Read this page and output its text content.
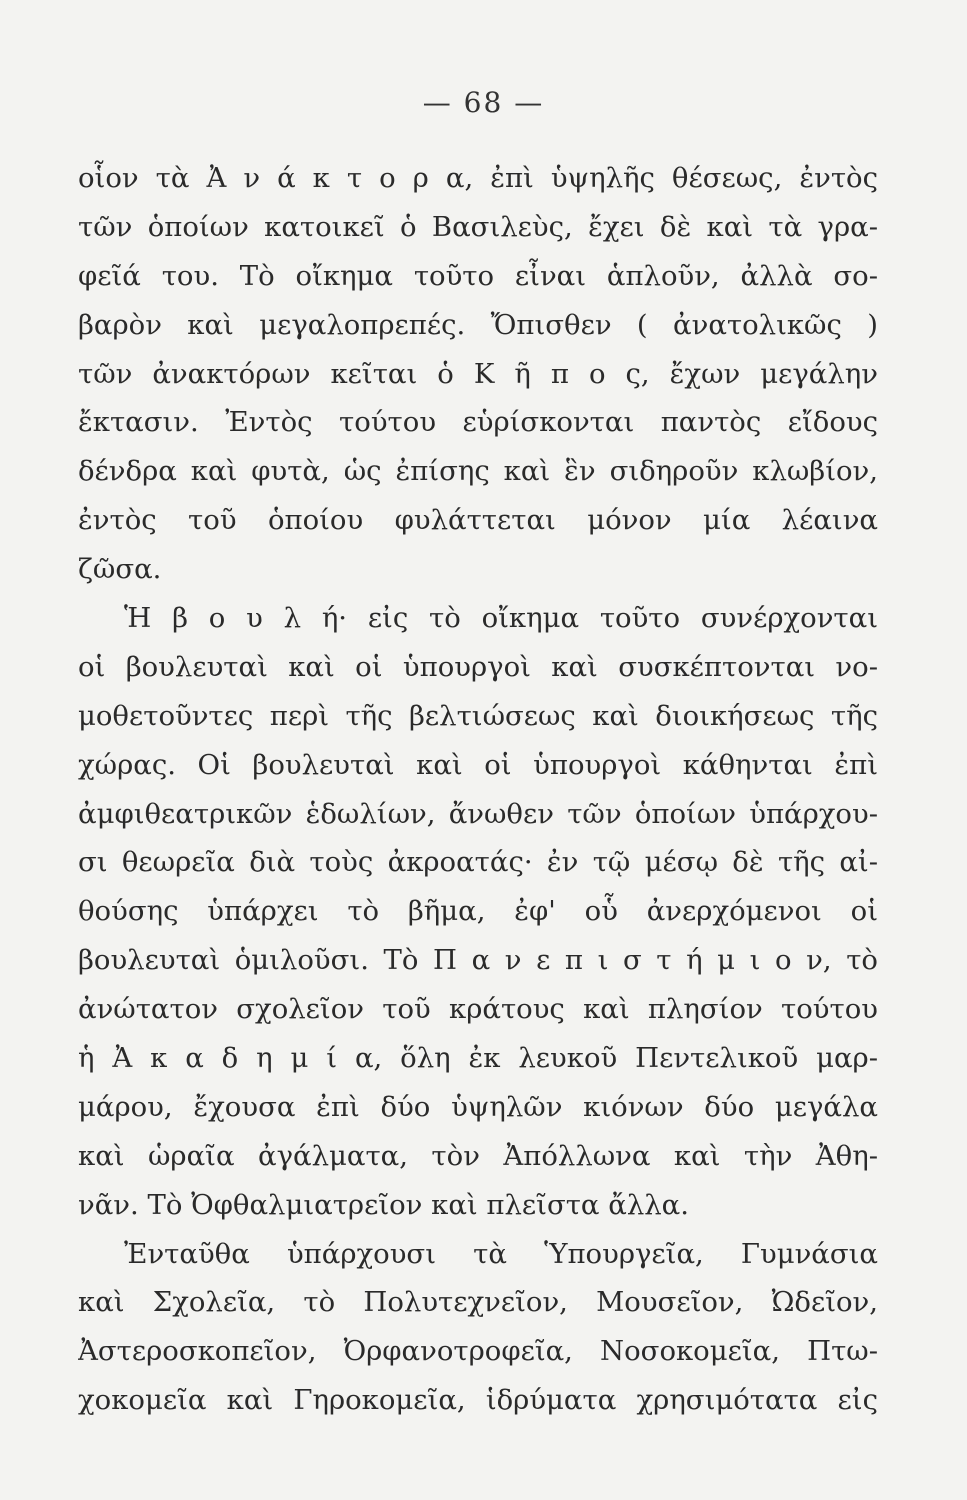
— 68 —
οἷον τὰ Ἀ ν ά κ τ ο ρ α, ἐπὶ ὑψηλῆς θέσεως, ἐντὸς
τῶν ὁποίων κατοικεῖ ὁ Βασιλεὺς, ἔχει δὲ καὶ τὰ γρα-
φεῖά του. Τὸ οἴκημα τοῦτο εἶναι ἁπλοῦν, ἀλλὰ σο-
βαρὸν καὶ μεγαλοπρεπές. Ὄπισθεν ( ἀνατολικῶς )
τῶν ἀνακτόρων κεῖται ὁ Κ ῆ π ο ς, ἔχων μεγάλην
ἔκτασιν. Ἐντὸς τούτου εὑρίσκονται παντὸς εἴδους
δένδρα καὶ φυτὰ, ὡς ἐπίσης καὶ ἓν σιδηροῦν κλωβίον,
ἐντὸς τοῦ ὁποίου φυλάττεται μόνον μία λέαινα
ζῶσα.
Ἡ β ο υ λ ή· εἰς τὸ οἴκημα τοῦτο συνέρχονται
οἱ βουλευταὶ καὶ οἱ ὑπουργοὶ καὶ συσκέπτονται νο-
μοθετοῦντες περὶ τῆς βελτιώσεως καὶ διοικήσεως τῆς
χώρας. Οἱ βουλευταὶ καὶ οἱ ὑπουργοὶ κάθηνται ἐπὶ
ἀμφιθεατρικῶν ἑδωλίων, ἄνωθεν τῶν ὁποίων ὑπάρχου-
σι θεωρεῖα διὰ τοὺς ἀκροατάς· ἐν τῷ μέσῳ δὲ τῆς αἰ-
θούσης ὑπάρχει τὸ βῆμα, ἐφ' οὗ ἀνερχόμενοι οἱ
βουλευταὶ ὁμιλοῦσι. Τὸ Π α ν ε π ι σ τ ή μ ι ο ν, τὸ
ἀνώτατον σχολεῖον τοῦ κράτους καὶ πλησίον τούτου
ἡ Ἀ κ α δ η μ ί α, ὅλη ἐκ λευκοῦ Πεντελικοῦ μαρ-
μάρου, ἔχουσα ἐπὶ δύο ὑψηλῶν κιόνων δύο μεγάλα
καὶ ὡραῖα ἀγάλματα, τὸν Ἀπόλλωνα καὶ τὴν Ἀθη-
νᾶν. Τὸ Ὀφθαλμιατρεῖον καὶ πλεῖστα ἄλλα.
Ἐνταῦθα ὑπάρχουσι τὰ Ὑπουργεῖα, Γυμνάσια
καὶ Σχολεῖα, τὸ Πολυτεχνεῖον, Μουσεῖον, Ὠδεῖον,
Ἀστεροσκοπεῖον, Ὀρφανοτροφεῖα, Νοσοκομεῖα, Πτω-
χοκομεῖα καὶ Γηροκομεῖα, ἱδρύματα χρησιμότατα εἰς
